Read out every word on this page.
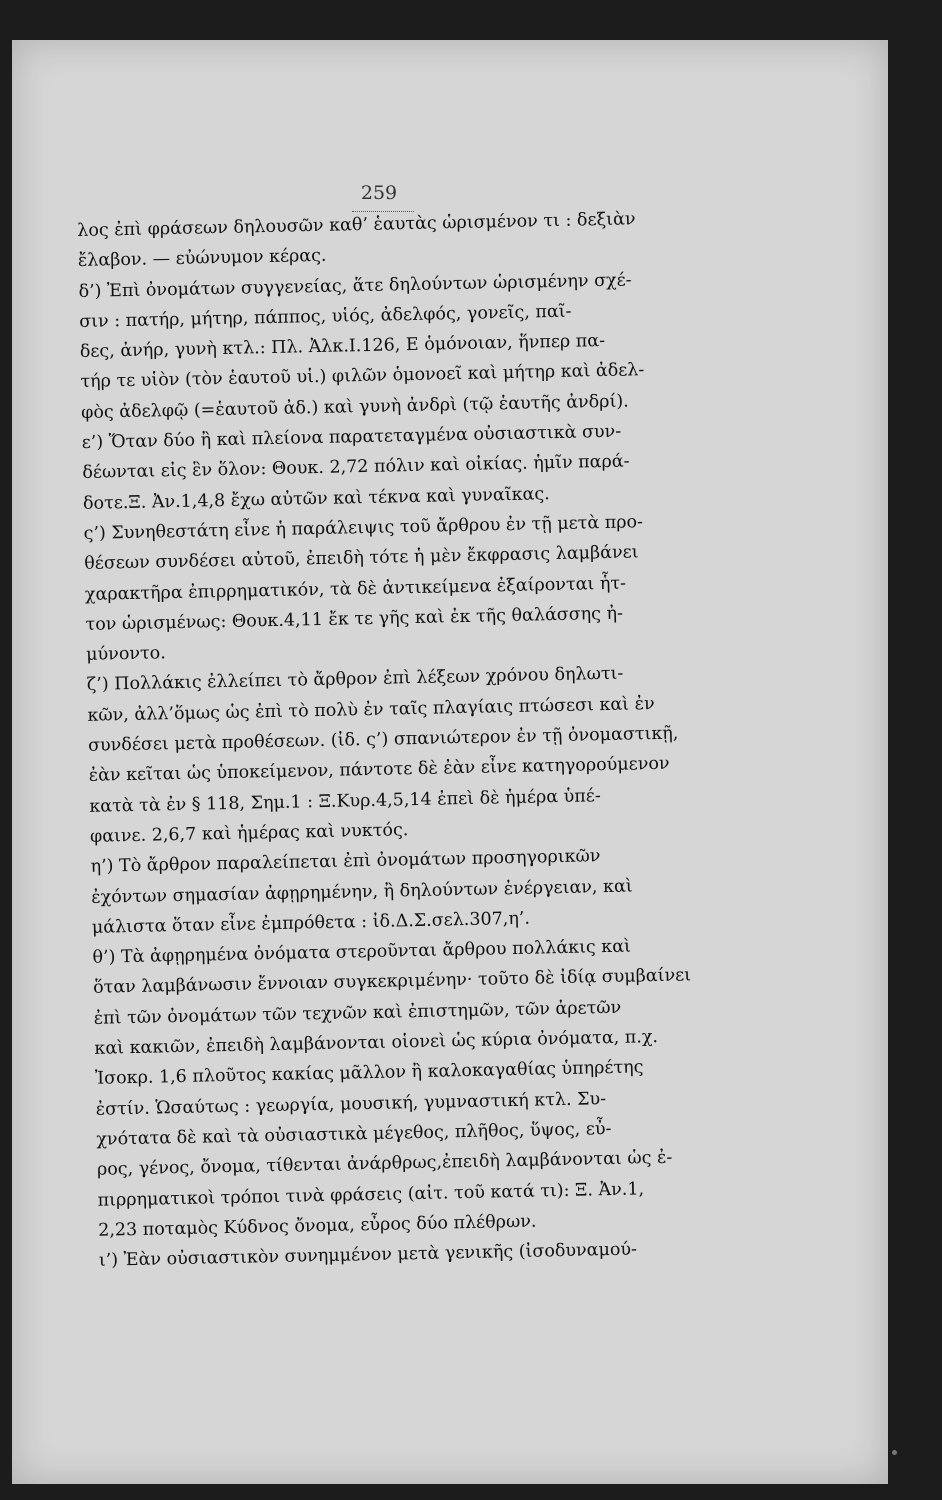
259
λος ἐπὶ φράσεων δηλουσῶν καθ’ ἑαυτὰς ὡρισμένον τι : δεξιὰν
ἔλαβον. — εὐώνυμον κέρας.
δ’) Ἐπὶ ὀνομάτων συγγενείας, ἅτε δηλούντων ὡρισμένην σχέ-
σιν : πατήρ, μήτηρ, πάππος, υἱός, ἀδελφός, γονεῖς, παῖ-
δες, ἀνήρ, γυνὴ κτλ.: Πλ. Ἀλκ.Ι.126, Ε ὁμόνοιαν, ἥνπερ πα-
τήρ τε υἱὸν (τὸν ἑαυτοῦ υἱ.) φιλῶν ὁμονοεῖ καὶ μήτηρ καὶ ἀδελ-
φὸς ἀδελφῷ (=ἑαυτοῦ ἀδ.) καὶ γυνὴ ἀνδρὶ (τῷ ἑαυτῆς ἀνδρί).
ε’) Ὅταν δύο ἢ καὶ πλείονα παρατεταγμένα οὐσιαστικὰ συν-
δέωνται εἰς ἓν ὅλον: Θουκ. 2,72 πόλιν καὶ οἰκίας. ἡμῖν παρά-
δοτε.Ξ. Ἀν.1,4,8 ἔχω αὐτῶν καὶ τέκνα καὶ γυναῖκας.
ς’) Συνηθεστάτη εἶνε ἡ παράλειψις τοῦ ἄρθρου ἐν τῇ μετὰ προ-
θέσεων συνδέσει αὐτοῦ, ἐπειδὴ τότε ἡ μὲν ἔκφρασις λαμβάνει
χαρακτῆρα ἐπιρρηματικόν, τὰ δὲ ἀντικείμενα ἐξαίρονται ἧτ-
τον ὡρισμένως: Θουκ.4,11 ἔκ τε γῆς καὶ ἐκ τῆς θαλάσσης ἠ-
μύνοντο.
ζ’) Πολλάκις ἐλλείπει τὸ ἄρθρον ἐπὶ λέξεων χρόνου δηλωτι-
κῶν, ἀλλ’ὅμως ὡς ἐπὶ τὸ πολὺ ἐν ταῖς πλαγίαις πτώσεσι καὶ ἐν
συνδέσει μετὰ προθέσεων. (ἰδ. ς’) σπανιώτερον ἐν τῇ ὀνομαστικῇ,
ἐὰν κεῖται ὡς ὑποκείμενον, πάντοτε δὲ ἐὰν εἶνε κατηγορούμενον
κατὰ τὰ ἐν § 118, Σημ.1 : Ξ.Κυρ.4,5,14 ἐπεὶ δὲ ἡμέρα ὑπέ-
φαινε. 2,6,7 καὶ ἡμέρας καὶ νυκτός.
η’) Τὸ ἄρθρον παραλείπεται ἐπὶ ὀνομάτων προσηγορικῶν
ἐχόντων σημασίαν ἀφῃρημένην, ἢ δηλούντων ἐνέργειαν, καὶ
μάλιστα ὅταν εἶνε ἐμπρόθετα : ἰδ.Δ.Σ.σελ.307,η’.
θ’) Τὰ ἀφῃρημένα ὀνόματα στεροῦνται ἄρθρου πολλάκις καὶ
ὅταν λαμβάνωσιν ἔννοιαν συγκεκριμένην· τοῦτο δὲ ἰδίᾳ συμβαίνει
ἐπὶ τῶν ὀνομάτων τῶν τεχνῶν καὶ ἐπιστημῶν, τῶν ἀρετῶν
καὶ κακιῶν, ἐπειδὴ λαμβάνονται οἱονεὶ ὡς κύρια ὀνόματα, π.χ.
Ἰσοκρ. 1,6 πλοῦτος κακίας μᾶλλον ἢ καλοκαγαθίας ὑπηρέτης
ἐστίν. Ὡσαύτως : γεωργία, μουσική, γυμναστική κτλ. Συ-
χνότατα δὲ καὶ τὰ οὐσιαστικὰ μέγεθος, πλῆθος, ὕψος, εὖ-
ρος, γένος, ὄνομα, τίθενται ἀνάρθρως,ἐπειδὴ λαμβάνονται ὡς ἐ-
πιρρηματικοὶ τρόποι τινὰ φράσεις (αἰτ. τοῦ κατά τι): Ξ. Ἀν.1,
2,23 ποταμὸς Κύδνος ὄνομα, εὖρος δύο πλέθρων.
ι’) Ἐὰν οὐσιαστικὸν συνημμένον μετὰ γενικῆς (ἰσοδυναμού-
